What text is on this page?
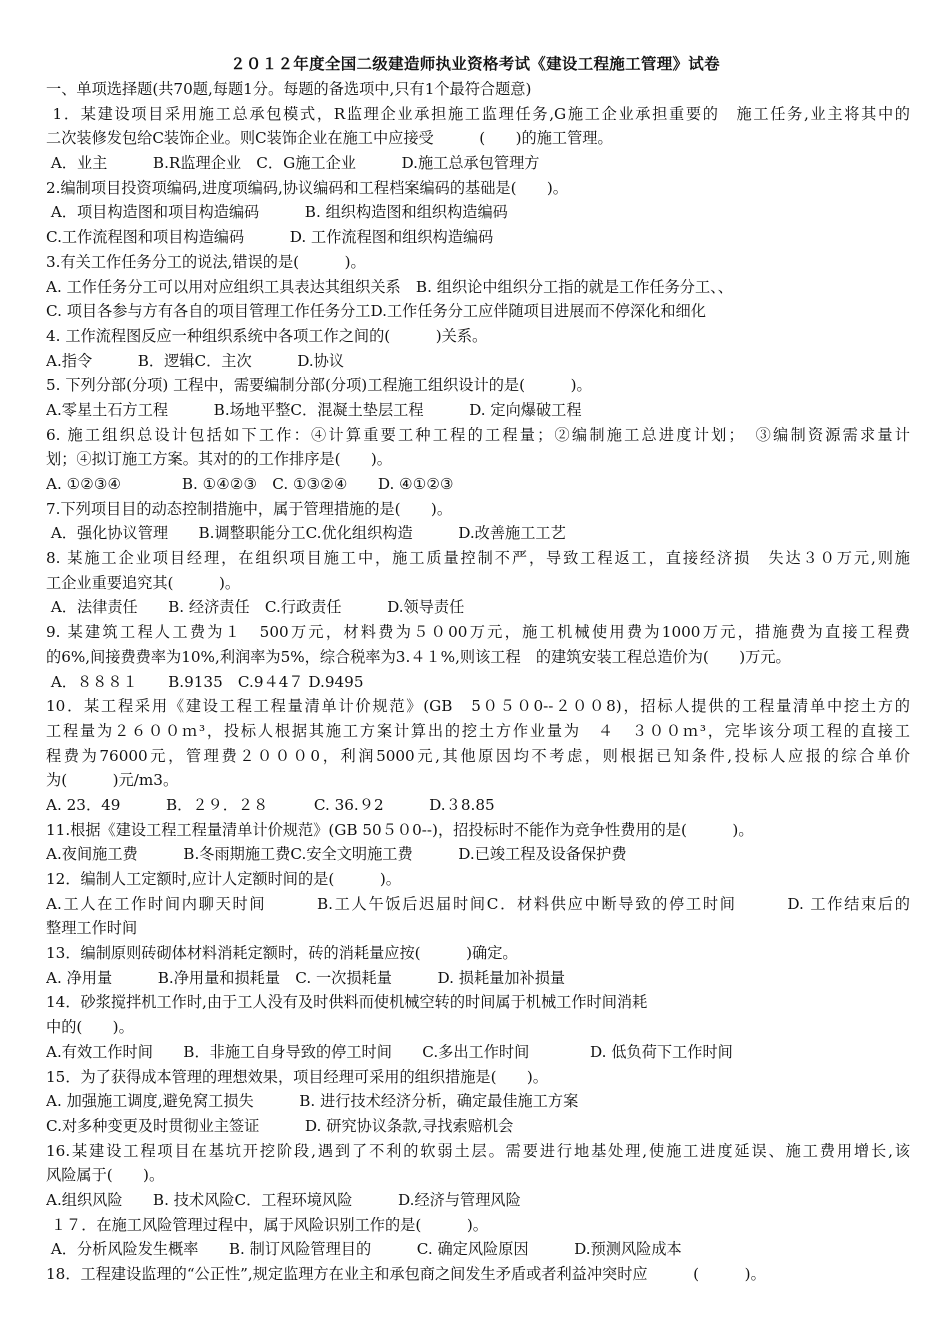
２０１２年度全国二级建造师执业资格考试《建设工程施工管理》试卷
一、单项选择题(共70题,每题1分。每题的备选项中,只有1个最符合题意)
1．某建设项目采用施工总承包模式，R监理企业承担施工监理任务,G施工企业承担重要的　施工任务,业主将其中的
二次装修发包给C装饰企业。则C装饰企业在施工中应接受　　　(　　)的施工管理。
A．业主　　　B.R监理企业　C．G施工企业　　　D.施工总承包管理方
2.编制项目投资项编码,进度项编码,协议编码和工程档案编码的基础是(　　)。
A．项目构造图和项目构造编码　　　B. 组织构造图和组织构造编码
C.工作流程图和项目构造编码　　　D. 工作流程图和组织构造编码
3.有关工作任务分工的说法,错误的是(　　　)。
A. 工作任务分工可以用对应组织工具表达其组织关系　B. 组织论中组织分工指的就是工作任务分工、、
C. 项目各参与方有各自的项目管理工作任务分工D.工作任务分工应伴随项目进展而不停深化和细化
4. 工作流程图反应一种组织系统中各项工作之间的(　　　)关系。
A.指令　　　B．逻辑C．主次　　　D.协议
5. 下列分部(分项) 工程中，需要编制分部(分项)工程施工组织设计的是(　　　)。
A.零星土石方工程　　　B.场地平整C．混凝土垫层工程　　　D. 定向爆破工程
6. 施工组织总设计包括如下工作：④计算重要工种工程的工程量；②编制施工总进度计划；　③编制资源需求量计
划；④拟订施工方案。其对的的工作排序是(　　)。
A. ①②③④　　　　B. ①④②③　C. ①③②④　　D. ④①②③
7.下列项目目的动态控制措施中，属于管理措施的是(　　)。
A．强化协议管理　　B.调整职能分工C.优化组织构造　　　D.改善施工工艺
8. 某施工企业项目经理，在组织项目施工中，施工质量控制不严，导致工程返工，直接经济损　失达３０万元,则施
工企业重要追究其(　　　)。
A．法律责任　　B. 经济责任　C.行政责任　　　D.领导责任
9. 某建筑工程人工费为１　500万元，材料费为５０00万元，施工机械使用费为1000万元，措施费为直接工程费
的6%,间接费费率为10%,利润率为5%，综合税率为3.４１%,则该工程　的建筑安装工程总造价为(　　)万元。
A．８８８１　　B.9135　C.9４4７ D.9495
10．某工程采用《建设工程工程量清单计价规范》(GB　5０５０0--２００8)，招标人提供的工程量清单中挖土方的
工程量为２６００ｍ³，投标人根据其施工方案计算出的挖土方作业量为　４　３００ｍ³，完毕该分项工程的直接工
程费为76000元，管理费２０００0，利润5000元,其他原因均不考虑，则根据已知条件,投标人应报的综合单价
为(　　　)元/m3。
A. 23．49　　　B．２９．２８　　　C. 36.９2　　　D.３8.85
11.根据《建设工程工程量清单计价规范》(GB 50５０0--)，招投标时不能作为竞争性费用的是(　　　)。
A.夜间施工费　　　B.冬雨期施工费C.安全文明施工费　　　D.已竣工程及设备保护费
12．编制人工定额时,应计人定额时间的是(　　　)。
A.工人在工作时间内聊天时间　　　B.工人午饭后迟届时间C．材料供应中断导致的停工时间　　　D. 工作结束后的
整理工作时间
13．编制原则砖砌体材料消耗定额时，砖的消耗量应按(　　　)确定。
A. 净用量　　　B.净用量和损耗量　C. 一次损耗量　　　D. 损耗量加补损量
14．砂浆搅拌机工作时,由于工人没有及时供料而使机械空转的时间属于机械工作时间消耗
中的(　　)。
A.有效工作时间　　B．非施工自身导致的停工时间　　C.多出工作时间　　　　D. 低负荷下工作时间
15．为了获得成本管理的理想效果，项目经理可采用的组织措施是(　　)。
A. 加强施工调度,避免窝工损失　　　B. 进行技术经济分析，确定最佳施工方案
C.对多种变更及时贯彻业主签证　　　D. 研究协议条款,寻找索赔机会
16.某建设工程项目在基坑开挖阶段,遇到了不利的软弱土层。需要进行地基处理,使施工进度延误、施工费用增长,该
风险属于(　　)。
A.组织风险　　B. 技术风险C．工程环境风险　　　D.经济与管理风险
１７．在施工风险管理过程中，属于风险识别工作的是(　　　)。
A．分析风险发生概率　　B. 制订风险管理目的　　　C. 确定风险原因　　　D.预测风险成本
18．工程建设监理的“公正性”,规定监理方在业主和承包商之间发生矛盾或者利益冲突时应　　　(　　　)。
